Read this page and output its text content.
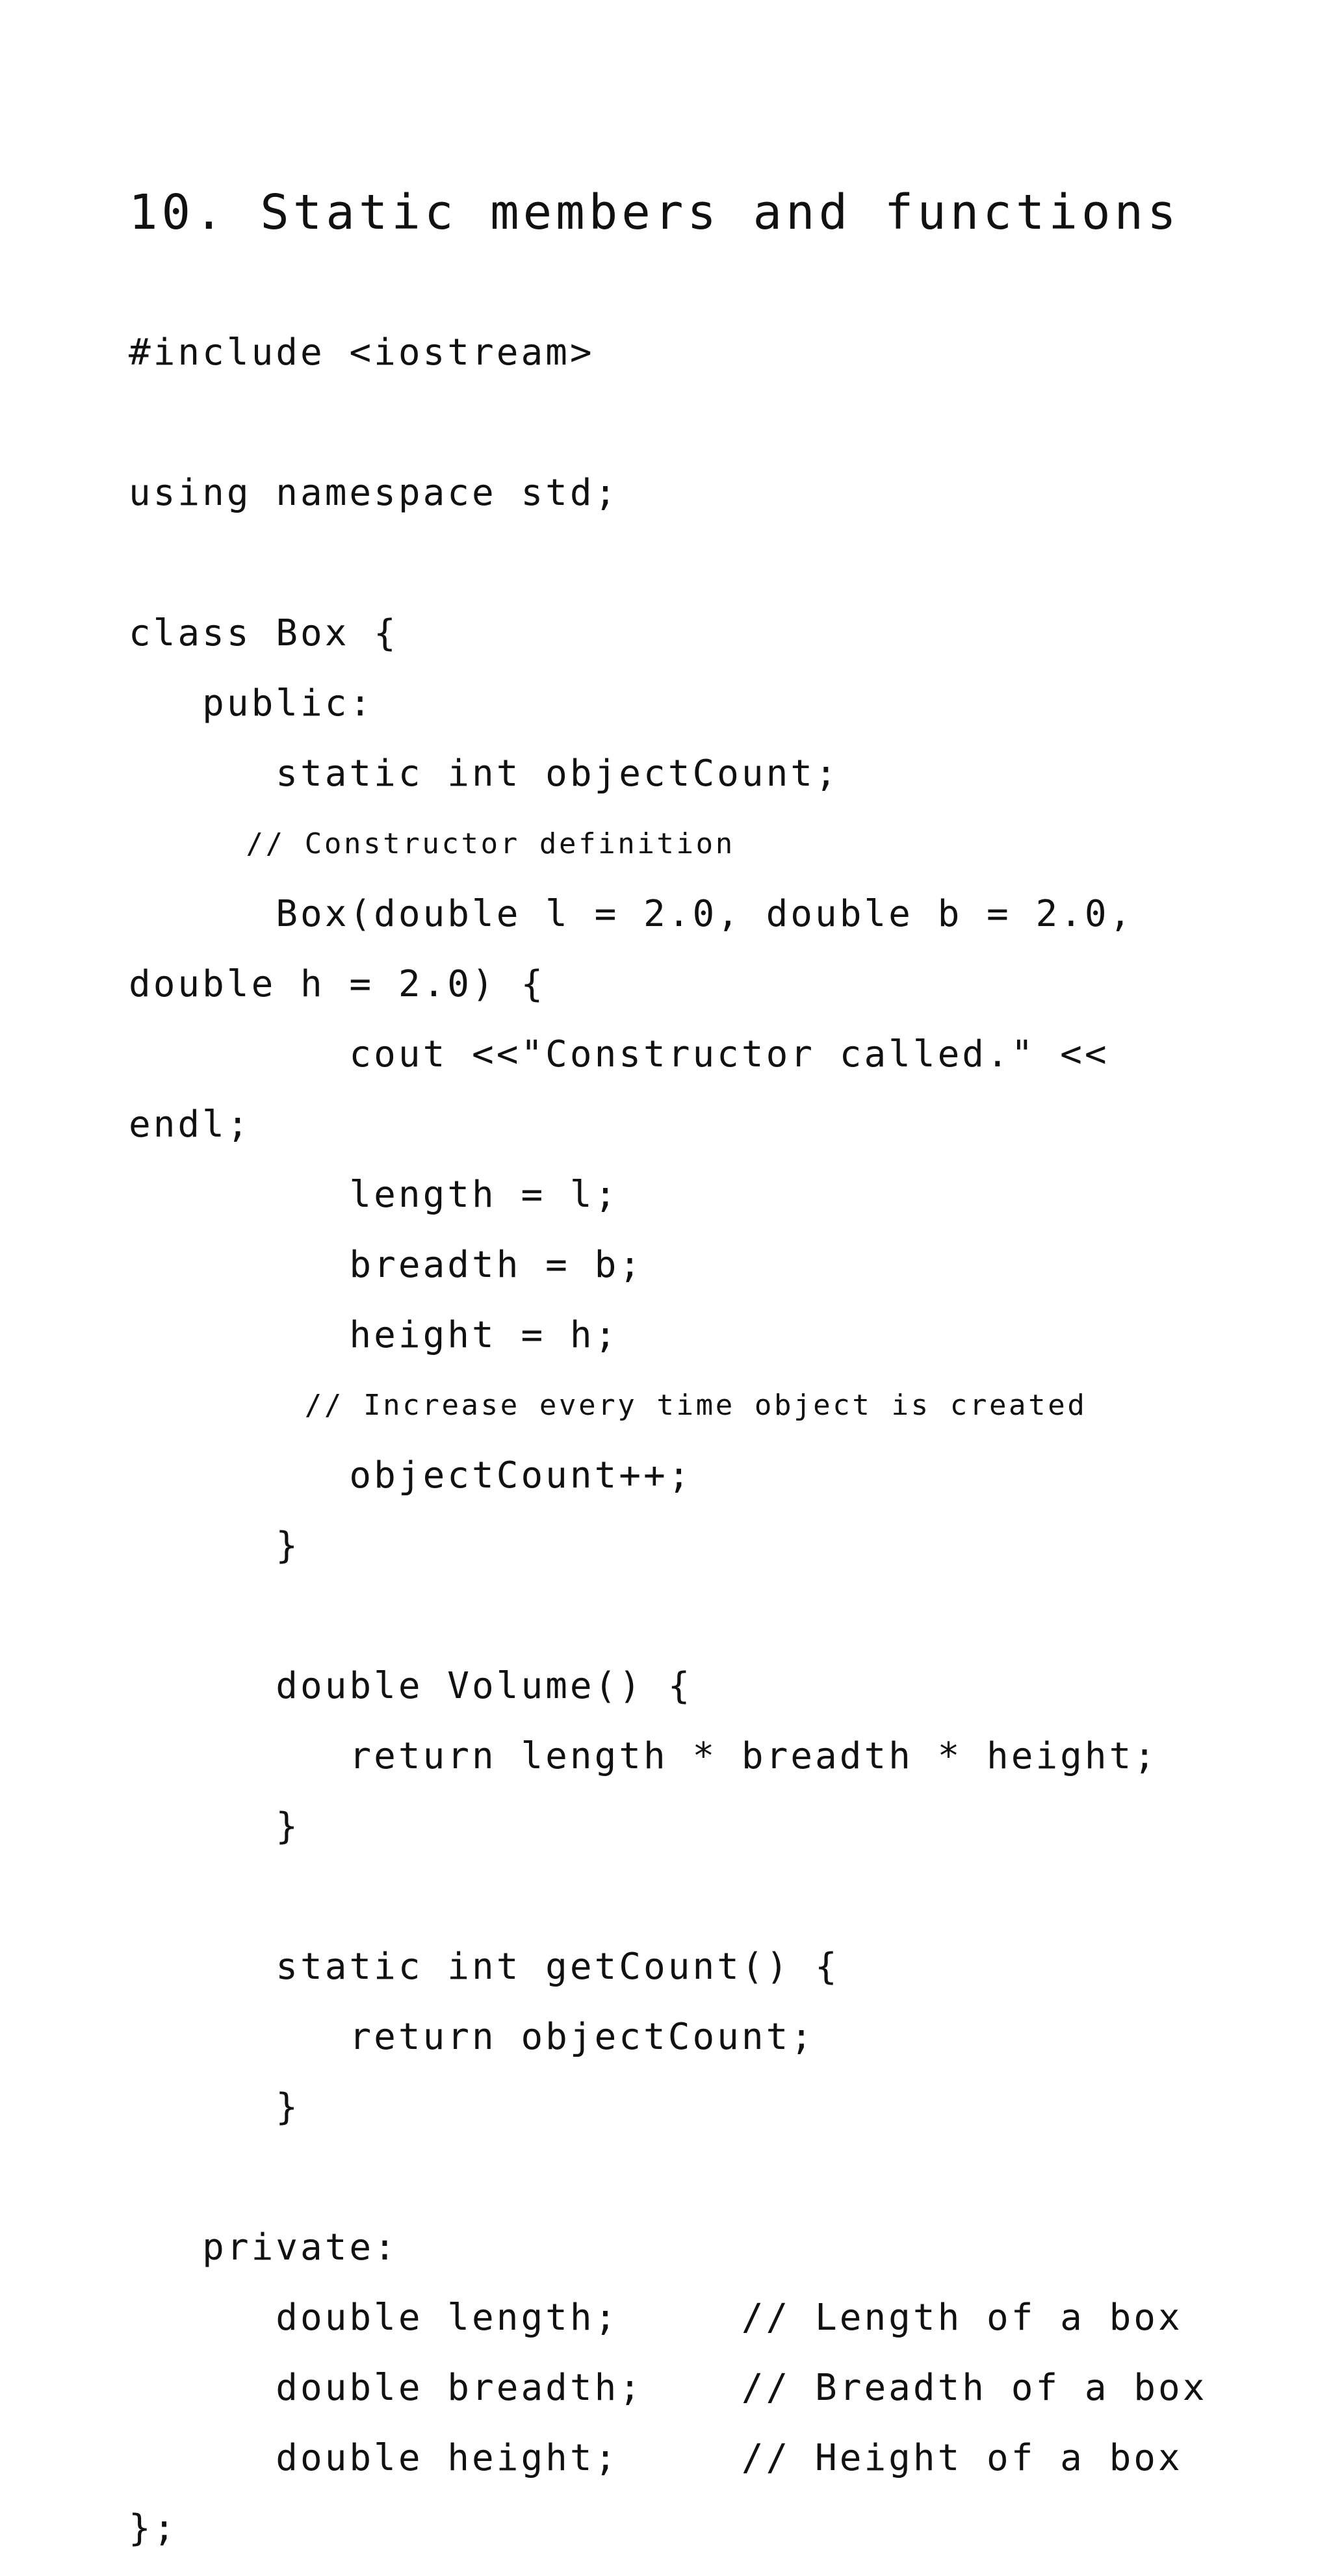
10. Static members and functions

#include <iostream>

using namespace std;

class Box {

public:

static int objectCount;

// Constructor definition

Box(double l = 2.0, double b = 2.0,

double h = 2.0) {

cout <<"Constructor called." <<

endl;

length = l;

breadth = b;

height = h;

// Increase every time object is created

objectCount++;

}

double Volume() {

return length * breadth * height;

}

static int getCount() {

return objectCount;

}

private:

double length;     // Length of a box

double breadth;    // Breadth of a box

double height;     // Height of a box

};
